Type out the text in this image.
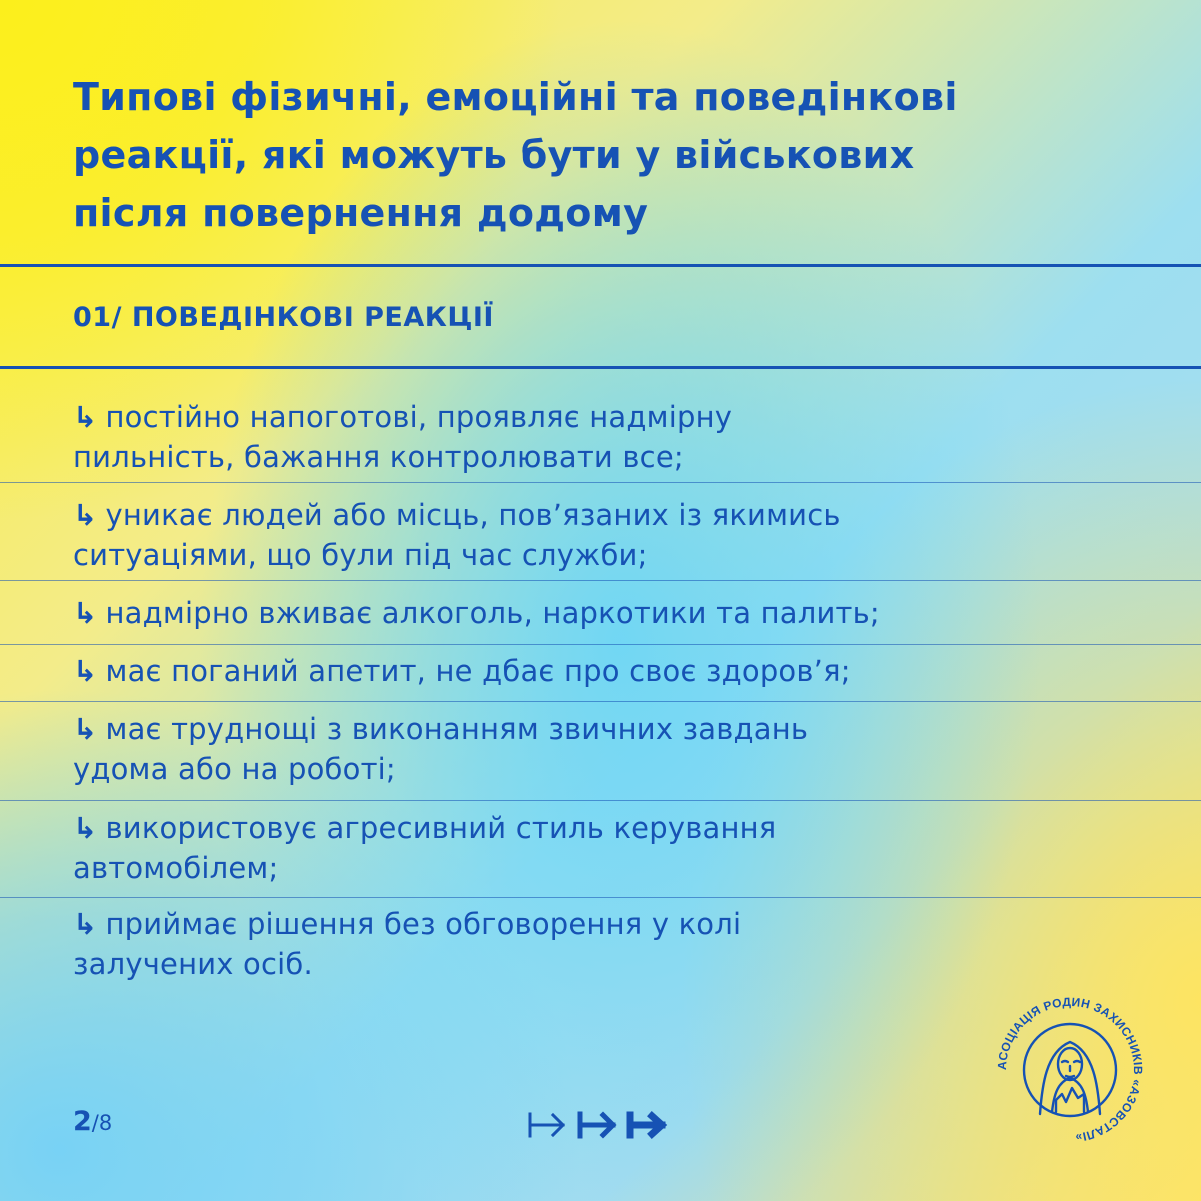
Типові фізичні, емоційні та поведінкові
реакції, які можуть бути у військових
після повернення додому
01/ ПОВЕДІНКОВІ РЕАКЦІЇ
↳ постійно напоготові, проявляє надмірну
пильність, бажання контролювати все;
↳ уникає людей або місць, пов’язаних із якимись
ситуаціями, що були під час служби;
↳ надмірно вживає алкоголь, наркотики та палить;
↳ має поганий апетит, не дбає про своє здоров’я;
↳ має труднощі з виконанням звичних завдань
удома або на роботі;
↳ використовує агресивний стиль керування
автомобілем;
↳ приймає рішення без обговорення у колі
залучених осіб.
2/8
АСОЦІАЦІЯ РОДИН ЗАХИСНИКІВ «АЗОВСТАЛІ»
